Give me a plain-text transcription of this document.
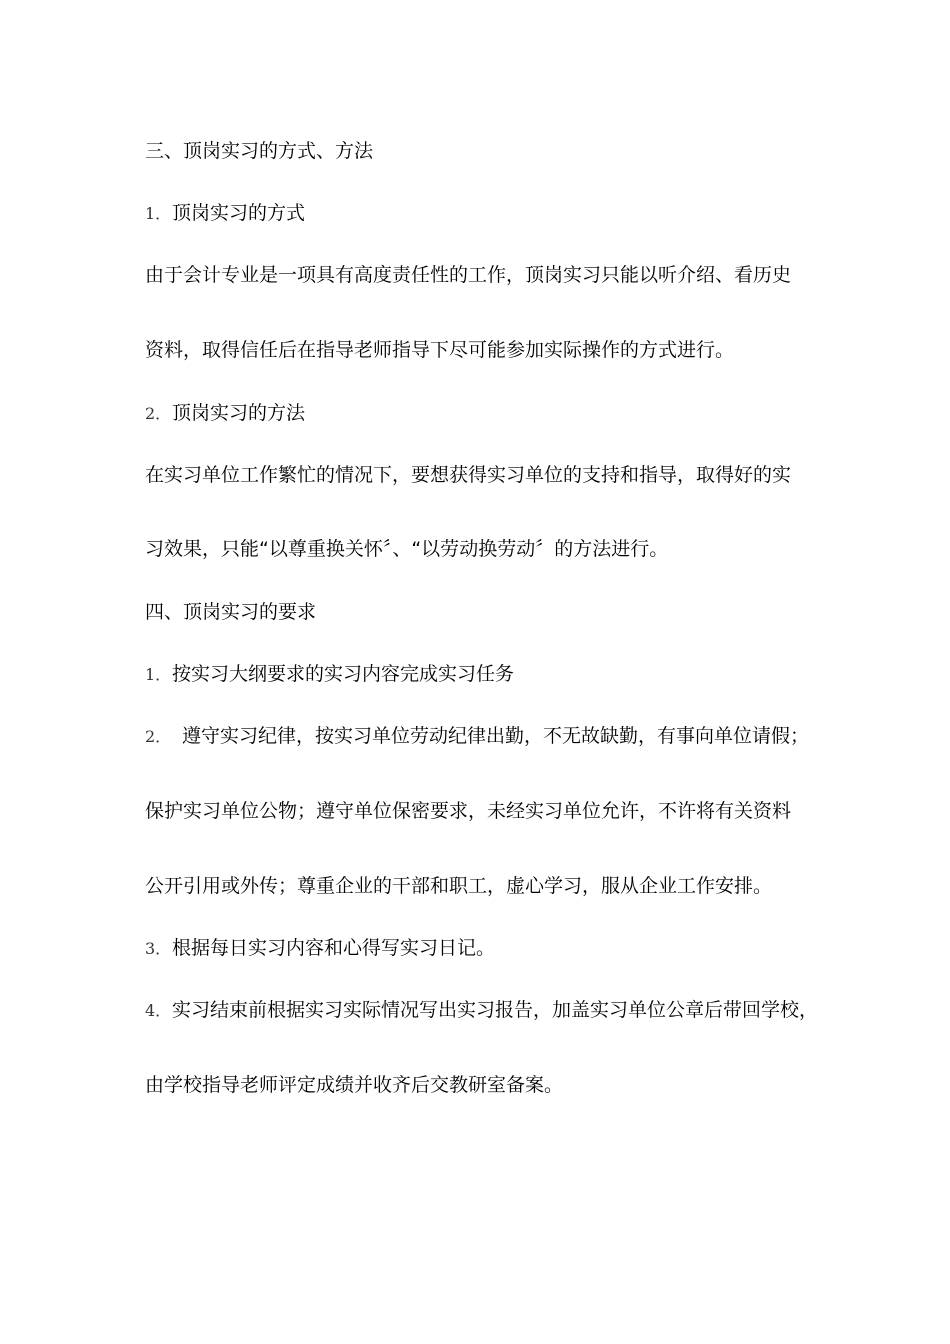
三、顶岗实习的方式、方法
1．顶岗实习的方式
由于会计专业是一项具有高度责任性的工作，顶岗实习只能以听介绍、看历史
资料，取得信任后在指导老师指导下尽可能参加实际操作的方式进行。
2．顶岗实习的方法
在实习单位工作繁忙的情况下，要想获得实习单位的支持和指导，取得好的实
习效果，只能“以尊重换关怀〞、“以劳动换劳动〞的方法进行。
四、顶岗实习的要求
1．按实习大纲要求的实习内容完成实习任务
2． 遵守实习纪律，按实习单位劳动纪律出勤，不无故缺勤，有事向单位请假；
保护实习单位公物；遵守单位保密要求，未经实习单位允许，不许将有关资料
公开引用或外传；尊重企业的干部和职工，虚心学习，服从企业工作安排。
3．根据每日实习内容和心得写实习日记。
4．实习结束前根据实习实际情况写出实习报告，加盖实习单位公章后带回学校，
由学校指导老师评定成绩并收齐后交教研室备案。
